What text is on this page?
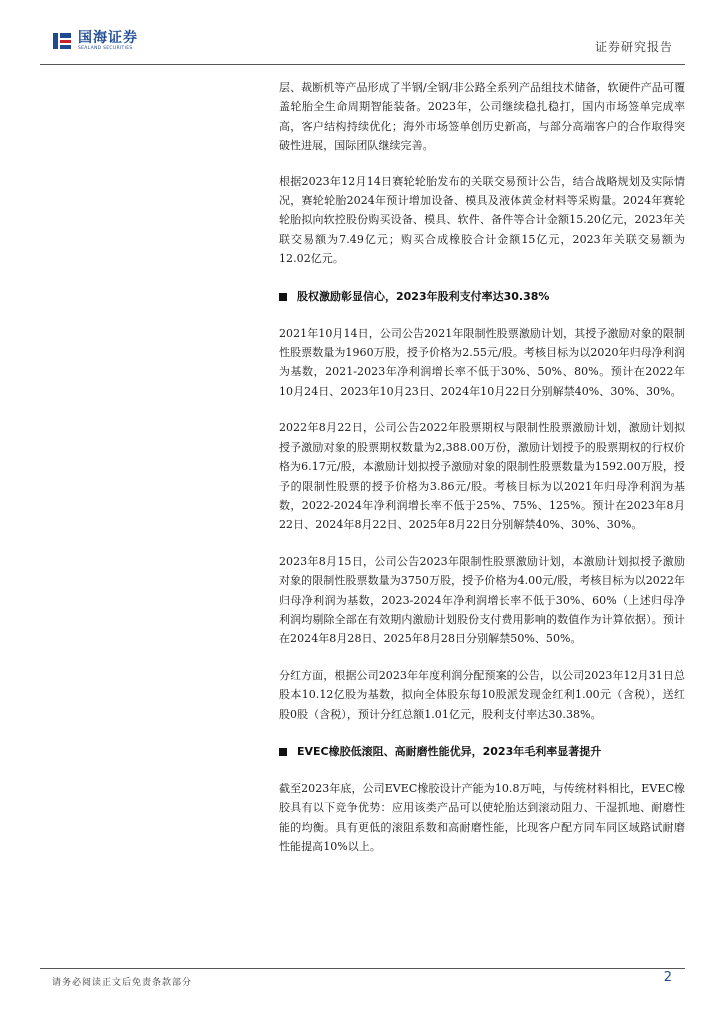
国海证券
SEALAND SECURITIES	证券研究报告

层、裁断机等产品形成了半钢/全钢/非公路全系列产品组技术储备，软硬件产品可覆盖轮胎全生命周期智能装备。2023年，公司继续稳扎稳打，国内市场签单完成率高，客户结构持续优化；海外市场签单创历史新高，与部分高端客户的合作取得突破性进展，国际团队继续完善。

根据2023年12月14日赛轮轮胎发布的关联交易预计公告，结合战略规划及实际情况，赛轮轮胎2024年预计增加设备、模具及液体黄金材料等采购量。2024年赛轮轮胎拟向软控股份购买设备、模具、软件、备件等合计金额15.20亿元，2023年关联交易额为7.49亿元；购买合成橡胶合计金额15亿元，2023年关联交易额为12.02亿元。

股权激励彰显信心，2023年股利支付率达30.38%

2021年10月14日，公司公告2021年限制性股票激励计划，其授予激励对象的限制性股票数量为1960万股，授予价格为2.55元/股。考核目标为以2020年归母净利润为基数，2021-2023年净利润增长率不低于30%、50%、80%。预计在2022年10月24日、2023年10月23日、2024年10月22日分别解禁40%、30%、30%。

2022年8月22日，公司公告2022年股票期权与限制性股票激励计划，激励计划拟授予激励对象的股票期权数量为2,388.00万份，激励计划授予的股票期权的行权价格为6.17元/股，本激励计划拟授予激励对象的限制性股票数量为1592.00万股，授予的限制性股票的授予价格为3.86元/股。考核目标为以2021年归母净利润为基数，2022-2024年净利润增长率不低于25%、75%、125%。预计在2023年8月22日、2024年8月22日、2025年8月22日分别解禁40%、30%、30%。

2023年8月15日，公司公告2023年限制性股票激励计划，本激励计划拟授予激励对象的限制性股票数量为3750万股，授予价格为4.00元/股，考核目标为以2022年归母净利润为基数，2023-2024年净利润增长率不低于30%、60%（上述归母净利润均剔除全部在有效期内激励计划股份支付费用影响的数值作为计算依据）。预计在2024年8月28日、2025年8月28日分别解禁50%、50%。

分红方面，根据公司2023年年度利润分配预案的公告，以公司2023年12月31日总股本10.12亿股为基数，拟向全体股东每10股派发现金红利1.00元（含税），送红股0股（含税），预计分红总额1.01亿元，股利支付率达30.38%。

EVEC橡胶低滚阻、高耐磨性能优异，2023年毛利率显著提升

截至2023年底，公司EVEC橡胶设计产能为10.8万吨，与传统材料相比，EVEC橡胶具有以下竞争优势：应用该类产品可以使轮胎达到滚动阻力、干湿抓地、耐磨性能的均衡。具有更低的滚阻系数和高耐磨性能，比现客户配方同车同区域路试耐磨性能提高10%以上。

请务必阅读正文后免责条款部分	2
